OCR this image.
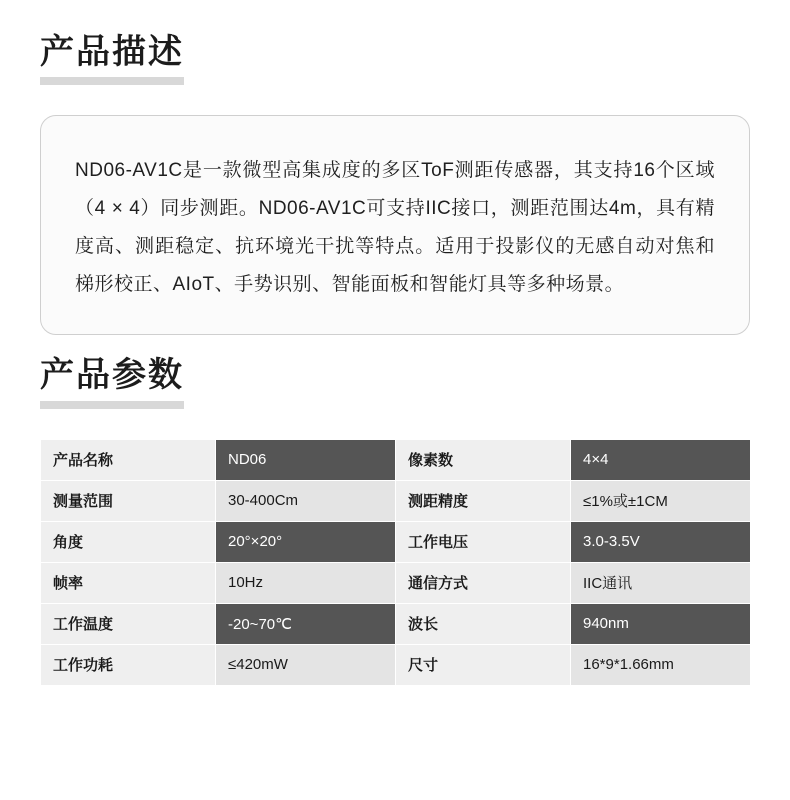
产品描述
ND06-AV1C是一款微型高集成度的多区ToF测距传感器，其支持16个区域（4 × 4）同步测距。ND06-AV1C可支持IIC接口，测距范围达4m，具有精度高、测距稳定、抗环境光干扰等特点。适用于投影仪的无感自动对焦和梯形校正、AIoT、手势识别、智能面板和智能灯具等多种场景。
产品参数
产品名称	ND06	像素数	4×4
测量范围	30-400Cm	测距精度	≤1%或±1CM
角度	20°×20°	工作电压	3.0-3.5V
帧率	10Hz	通信方式	IIC通讯
工作温度	-20~70℃	波长	940nm
工作功耗	≤420mW	尺寸	16*9*1.66mm
